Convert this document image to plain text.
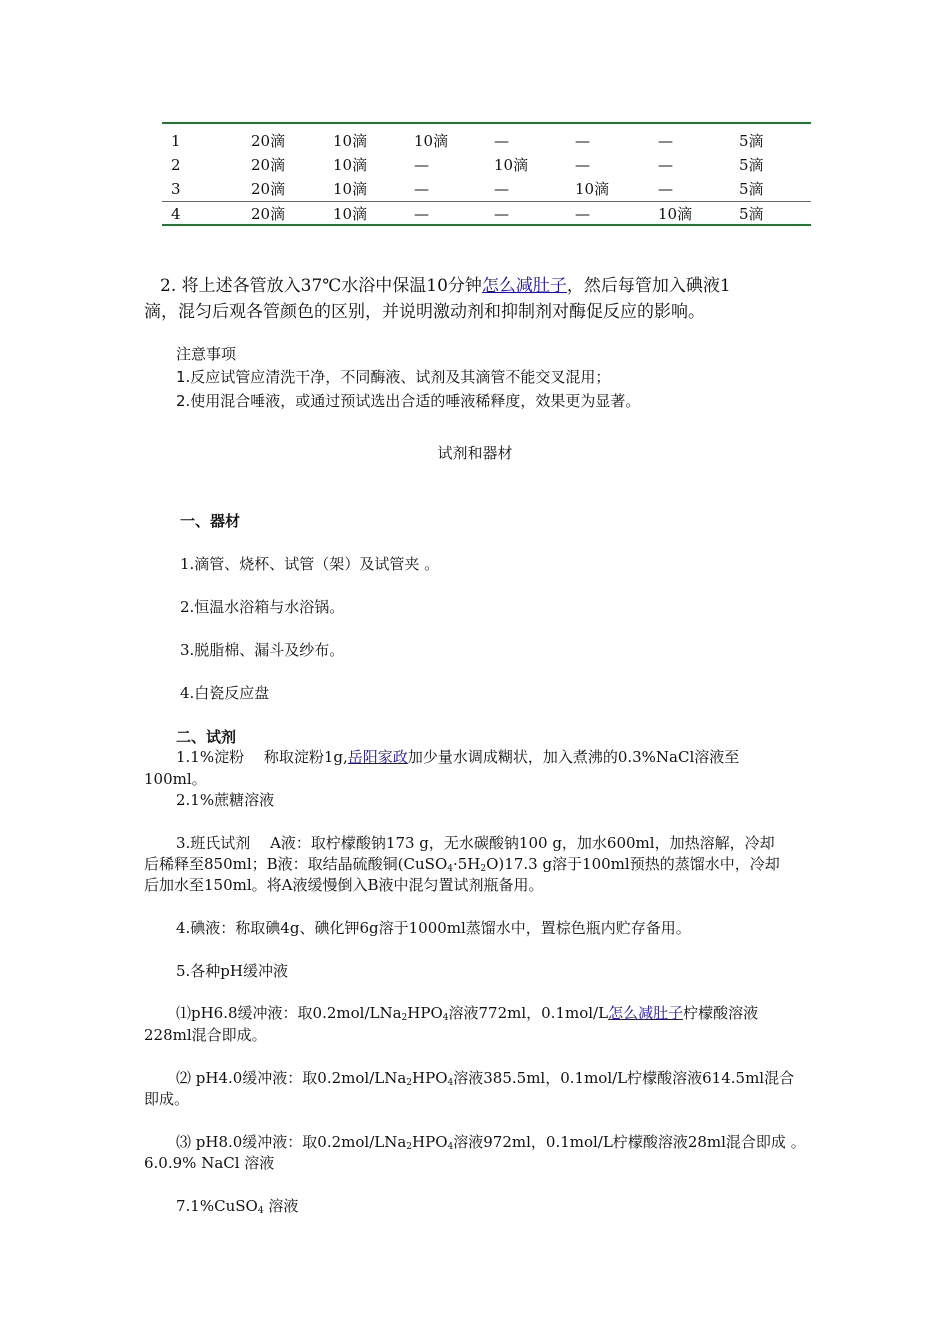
1	20滴	10滴	10滴	—	—	—	5滴
2	20滴	10滴	—	10滴	—	—	5滴
3	20滴	10滴	—	—	10滴	—	5滴
4	20滴	10滴	—	—	—	10滴	5滴
2. 将上述各管放入37℃水浴中保温10分钟怎么减肚子，然后每管加入碘液1
滴，混匀后观各管颜色的区别，并说明激动剂和抑制剂对酶促反应的影响。
注意事项
1.反应试管应清洗干净，不同酶液、试剂及其滴管不能交叉混用；
2.使用混合唾液，或通过预试选出合适的唾液稀释度，效果更为显著。
试剂和器材
一、器材
1.滴管、烧杯、试管（架）及试管夹 。
2.恒温水浴箱与水浴锅。
3.脱脂棉、漏斗及纱布。
4.白瓷反应盘
二、试剂
1.1%淀粉　 称取淀粉1g,岳阳家政加少量水调成糊状，加入煮沸的0.3%NaCl溶液至
100ml。
2.1%蔗糖溶液
3.班氏试剂　 A液：取柠檬酸钠173 g，无水碳酸钠100 g，加水600ml，加热溶解，冷却
后稀释至850ml；B液：取结晶硫酸铜$(CuSO_4\cdot 5H_2O)17.3$ g溶于100ml预热的蒸馏水中，冷却
后加水至150ml。将A液缓慢倒入B液中混匀置试剂瓶备用。
4.碘液：称取碘4g、碘化钾6g溶于1000ml蒸馏水中，置棕色瓶内贮存备用。
5.各种pH缓冲液
⑴pH6.8缓冲液：取$0.2mol/LNa_2HPO_4$溶液772ml，0.1mol/L怎么减肚子柠檬酸溶液
228ml混合即成。
⑵ pH4.0缓冲液：取$0.2mol/LNa_2HPO_4$溶液385.5ml，0.1mol/L柠檬酸溶液614.5ml混合
即成。
⑶ pH8.0缓冲液：取$0.2mol/LNa_2HPO_4$溶液972ml，0.1mol/L柠檬酸溶液28ml混合即成 。
6.0.9% NaCl 溶液
7.1%CuSO$_4$ 溶液
